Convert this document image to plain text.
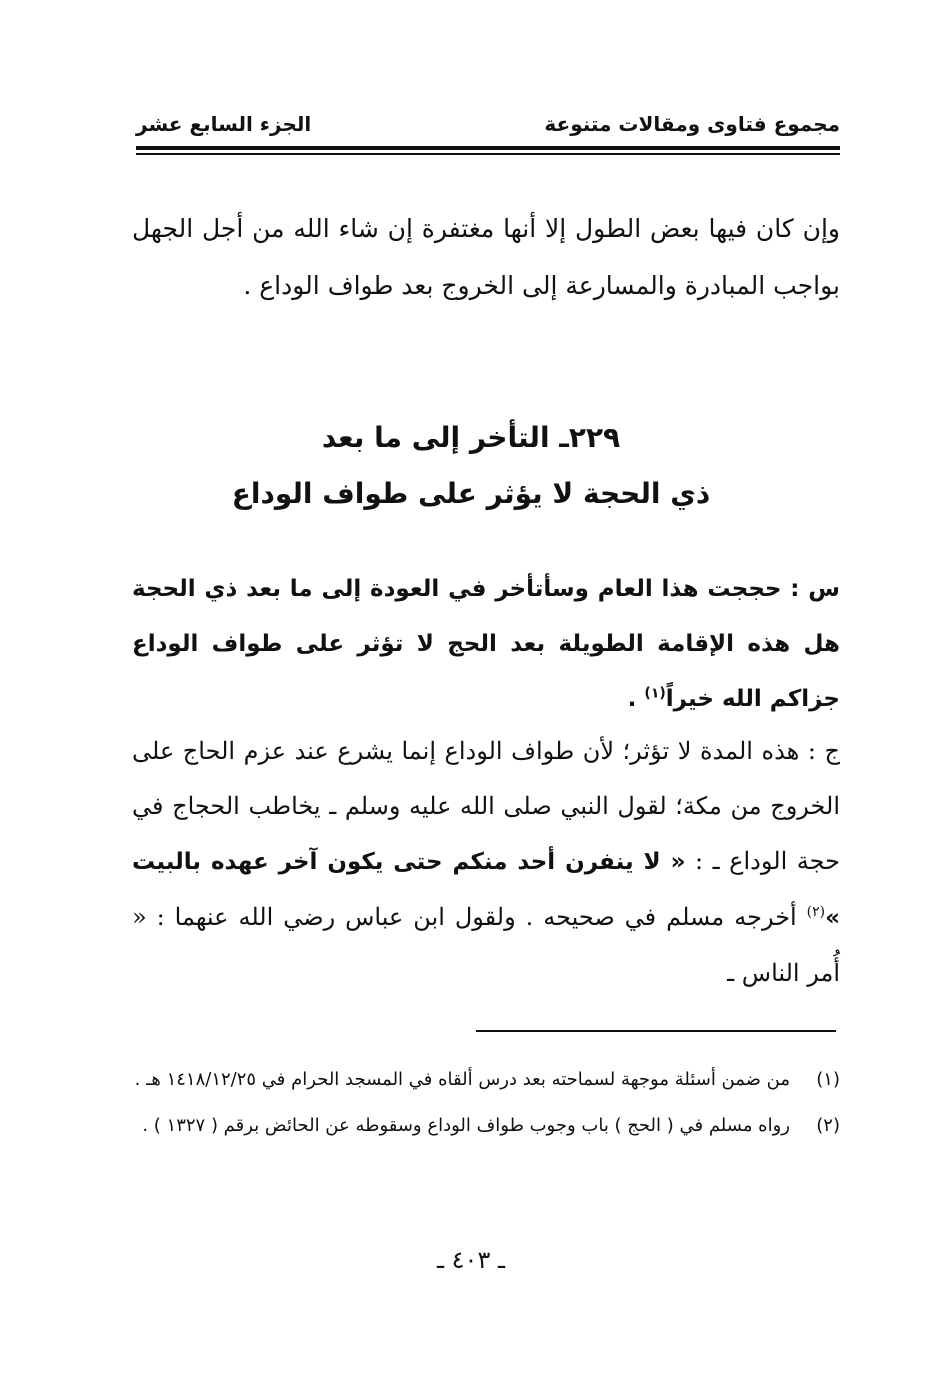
مجموع فتاوى ومقالات متنوعة
الجزء السابع عشر
وإن كان فيها بعض الطول إلا أنها مغتفرة إن شاء الله من أجل الجهل بواجب المبادرة والمسارعة إلى الخروج بعد طواف الوداع .
٢٢٩ـ التأخر إلى ما بعد
ذي الحجة لا يؤثر على طواف الوداع
س : حججت هذا العام وسأتأخر في العودة إلى ما بعد ذي الحجة هل هذه الإقامة الطويلة بعد الحج لا تؤثر على طواف الوداع جزاكم الله خيراً$^{(١)}$ .
ج : هذه المدة لا تؤثر؛ لأن طواف الوداع إنما يشرع عند عزم الحاج على الخروج من مكة؛ لقول النبي صلى الله عليه وسلم ـ يخاطب الحجاج في حجة الوداع ـ : « لا ينفرن أحد منكم حتى يكون آخر عهده بالبيت »$^{(٢)}$ أخرجه مسلم في صحيحه . ولقول ابن عباس رضي الله عنهما : « أُمر الناس ـ
(١)
من ضمن أسئلة موجهة لسماحته بعد درس ألقاه في المسجد الحرام في ١٤١٨/١٢/٢٥ هـ .
(٢)
رواه مسلم في ( الحج ) باب وجوب طواف الوداع وسقوطه عن الحائض برقم ( ١٣٢٧ ) .
ـ ٤٠٣ ـ
